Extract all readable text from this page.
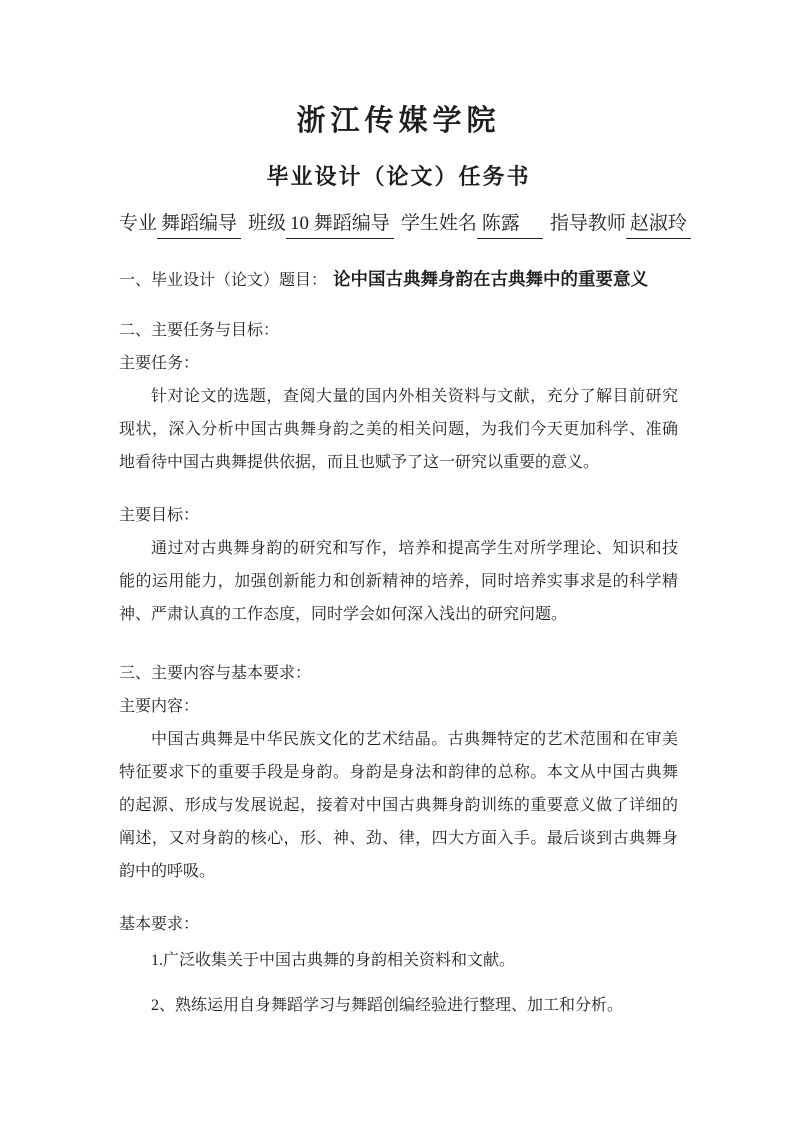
浙江传媒学院
毕业设计（论文）任务书
专业 舞蹈编导 班级 10 舞蹈编导 学生姓名 陈露 指导教师 赵淑玲
一、毕业设计（论文）题目： 论中国古典舞身韵在古典舞中的重要意义

二、主要任务与目标：

主要任务：

针对论文的选题，查阅大量的国内外相关资料与文献，充分了解目前研究现状，深入分析中国古典舞身韵之美的相关问题，为我们今天更加科学、准确地看待中国古典舞提供依据，而且也赋予了这一研究以重要的意义。

主要目标：

通过对古典舞身韵的研究和写作，培养和提高学生对所学理论、知识和技能的运用能力，加强创新能力和创新精神的培养，同时培养实事求是的科学精神、严肃认真的工作态度，同时学会如何深入浅出的研究问题。

三、主要内容与基本要求：

主要内容：

中国古典舞是中华民族文化的艺术结晶。古典舞特定的艺术范围和在审美特征要求下的重要手段是身韵。身韵是身法和韵律的总称。本文从中国古典舞的起源、形成与发展说起，接着对中国古典舞身韵训练的重要意义做了详细的阐述，又对身韵的核心，形、神、劲、律，四大方面入手。最后谈到古典舞身韵中的呼吸。

基本要求：

1.广泛收集关于中国古典舞的身韵相关资料和文献。

2、熟练运用自身舞蹈学习与舞蹈创编经验进行整理、加工和分析。
